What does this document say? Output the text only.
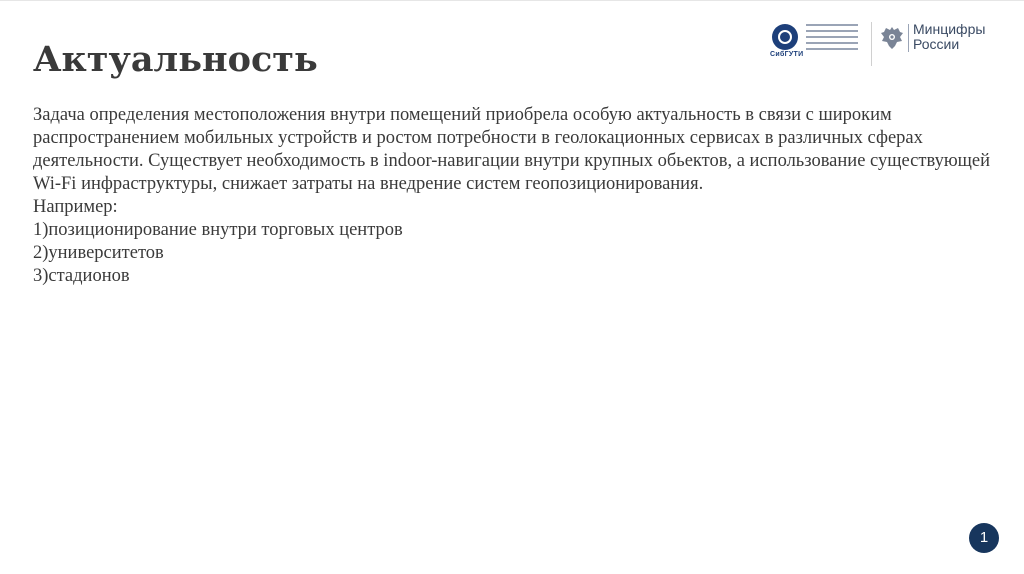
Актуальность	СибГУТИ
Минцифры
России

Задача определения местоположения внутри помещений приобрела особую актуальность в связи с широким распространением мобильных устройств и ростом потребности в геолокационных сервисах в различных сферах деятельности. Существует необходимость в indoor-навигации внутри крупных обьектов, а использование существующей Wi-Fi инфраструктуры, снижает затраты на внедрение систем геопозиционирования.

Например:

1)позиционирование внутри торговых центров

2)университетов

3)стадионов

1
